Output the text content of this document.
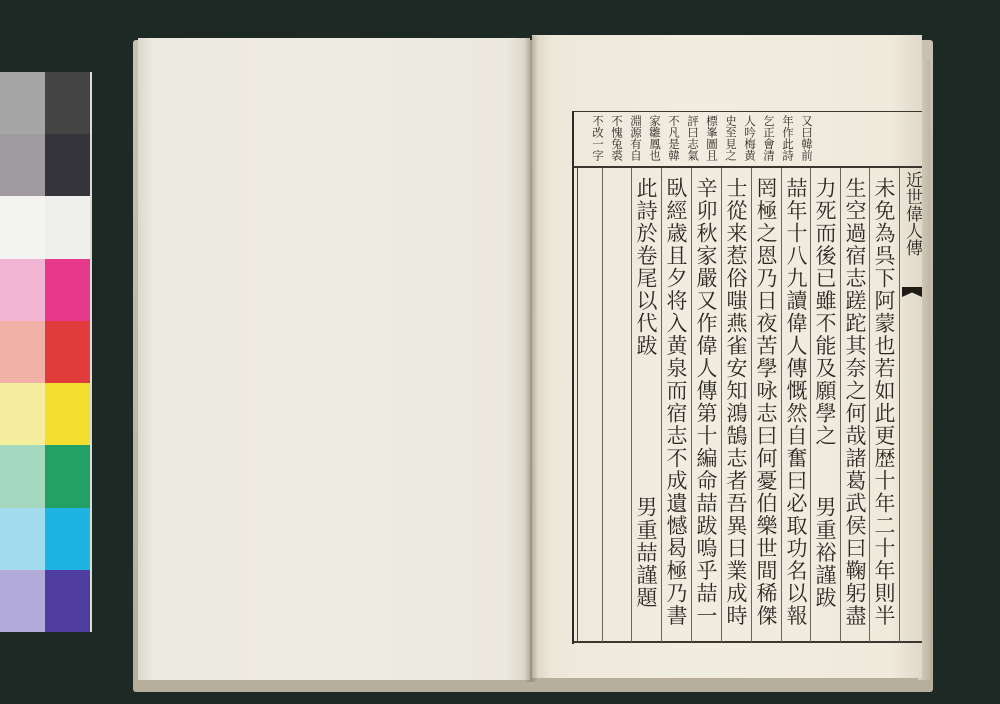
近世偉人傳
又曰韓前
年作此詩
乞正會清
人吟梅黄
史至見之
標峯圖且
評曰志氣
不凡是韓
家雛鳳也
淵源有自
不愧兔裘
不改一字
未免為呉下阿蒙也若如此更歴十年二十年則半
生空過宿志蹉跎其奈之何哉諸葛武侯曰鞠躬盡
力死而後已雖不能及願學之
男
重裕謹跋
喆年十八九讀偉人傳慨然自奮曰必取功名以報
罔極之恩乃日夜苦學咏志曰何憂伯樂世間稀傑
士從来惹俗嗤燕雀安知鴻鵠志者吾異日業成時
辛卯秋家嚴又作偉人傳第十編命喆跋嗚乎喆一
臥經歳且夕将入黄泉而宿志不成遺憾曷極乃書
此詩於卷尾以代跋
男
重喆謹題
